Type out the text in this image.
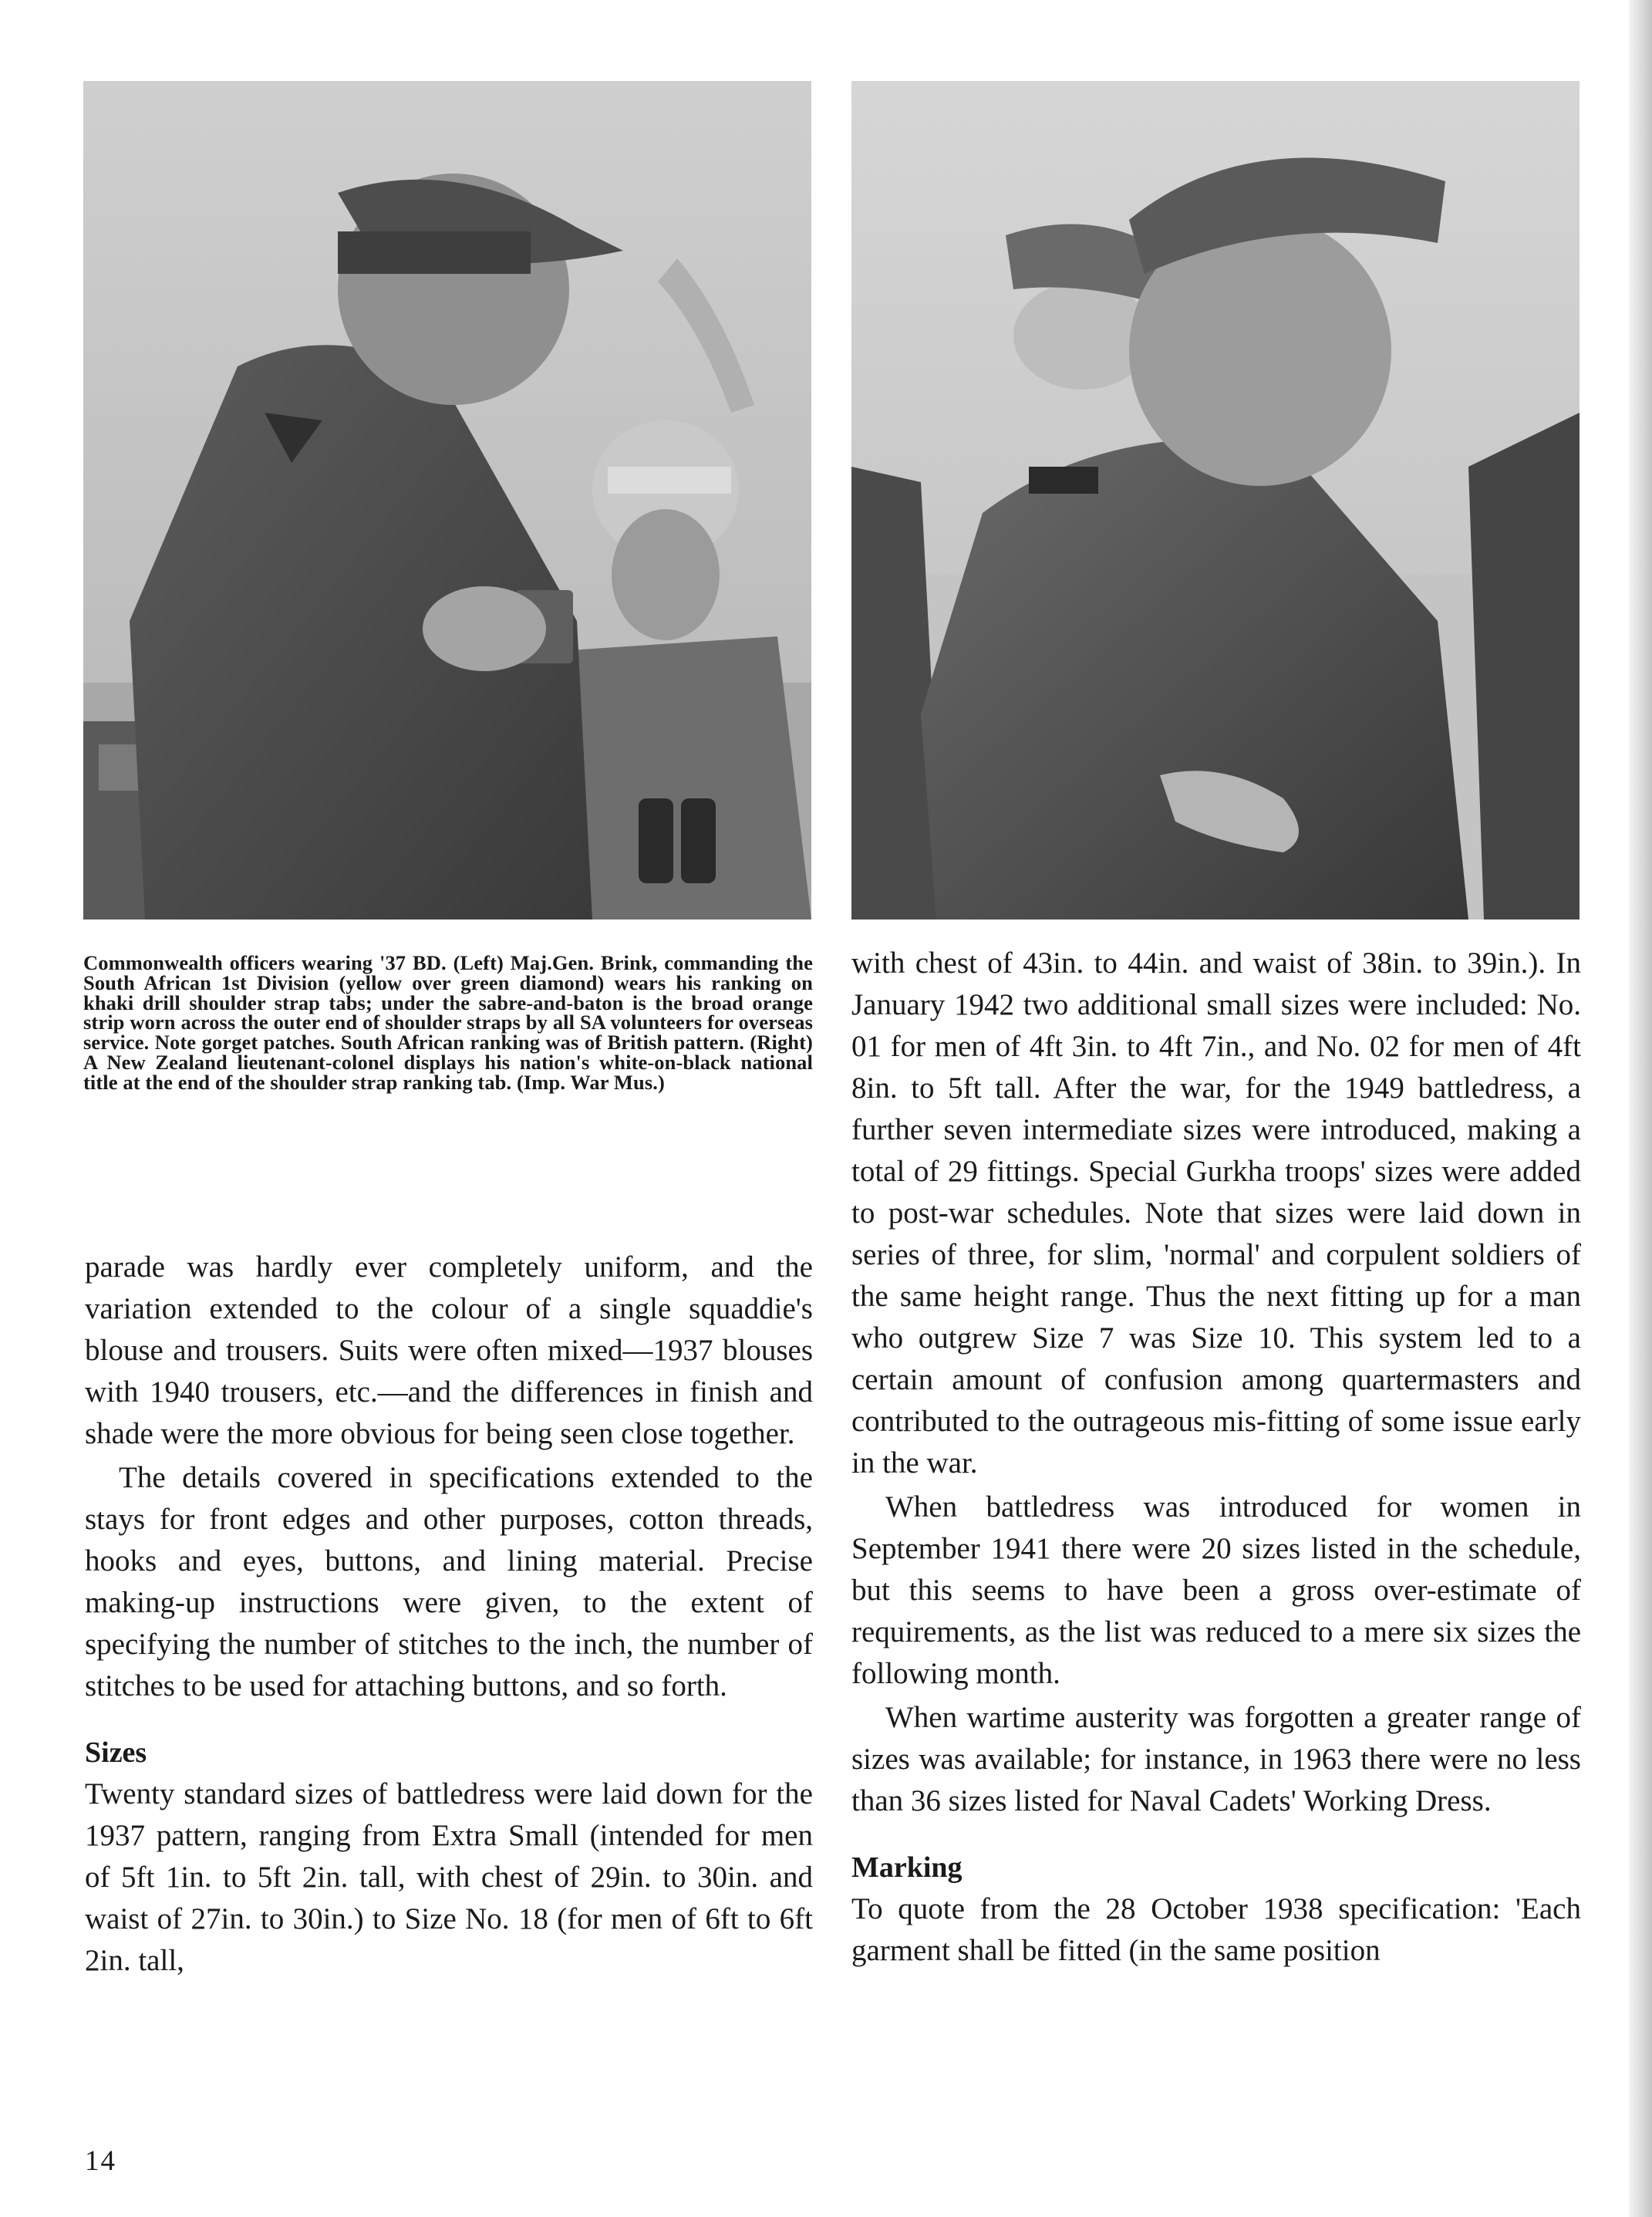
Commonwealth officers wearing '37 BD. (Left) Maj.Gen. Brink, commanding the South African 1st Division (yellow over green diamond) wears his ranking on khaki drill shoulder strap tabs; under the sabre-and-baton is the broad orange strip worn across the outer end of shoulder straps by all SA volunteers for overseas service. Note gorget patches. South African ranking was of British pattern. (Right) A New Zealand lieutenant-colonel displays his nation's white-on-black national title at the end of the shoulder strap ranking tab. (Imp. War Mus.)

parade was hardly ever completely uniform, and the variation extended to the colour of a single squaddie's blouse and trousers. Suits were often mixed—1937 blouses with 1940 trousers, etc.—and the differences in finish and shade were the more obvious for being seen close together.

The details covered in specifications extended to the stays for front edges and other purposes, cotton threads, hooks and eyes, buttons, and lining material. Precise making-up instructions were given, to the extent of specifying the number of stitches to the inch, the number of stitches to be used for attaching buttons, and so forth.

Sizes

Twenty standard sizes of battledress were laid down for the 1937 pattern, ranging from Extra Small (intended for men of 5ft 1in. to 5ft 2in. tall, with chest of 29in. to 30in. and waist of 27in. to 30in.) to Size No. 18 (for men of 6ft to 6ft 2in. tall,

with chest of 43in. to 44in. and waist of 38in. to 39in.). In January 1942 two additional small sizes were included: No. 01 for men of 4ft 3in. to 4ft 7in., and No. 02 for men of 4ft 8in. to 5ft tall. After the war, for the 1949 battledress, a further seven intermediate sizes were introduced, making a total of 29 fittings. Special Gurkha troops' sizes were added to post-war schedules. Note that sizes were laid down in series of three, for slim, 'normal' and corpulent soldiers of the same height range. Thus the next fitting up for a man who outgrew Size 7 was Size 10. This system led to a certain amount of confusion among quartermasters and contributed to the outrageous mis-fitting of some issue early in the war.

When battledress was introduced for women in September 1941 there were 20 sizes listed in the schedule, but this seems to have been a gross over-estimate of requirements, as the list was reduced to a mere six sizes the following month.

When wartime austerity was forgotten a greater range of sizes was available; for instance, in 1963 there were no less than 36 sizes listed for Naval Cadets' Working Dress.

Marking

To quote from the 28 October 1938 specification: 'Each garment shall be fitted (in the same position

14
